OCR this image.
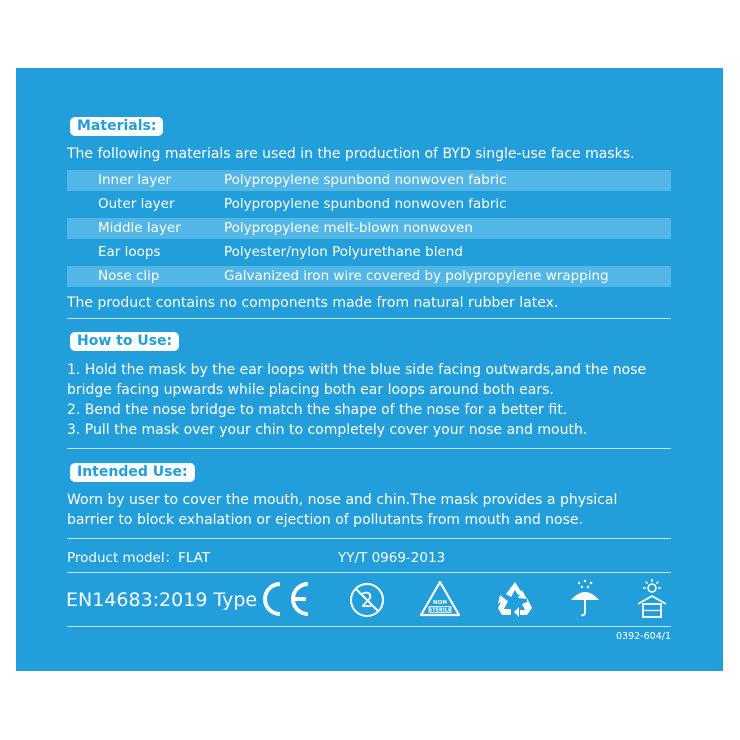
Materials:
The following materials are used in the production of BYD single-use face masks.
Inner layer	Polypropylene spunbond nonwoven fabric
Outer layer	Polypropylene spunbond nonwoven fabric
Middle layer	Polypropylene melt-blown nonwoven
Ear loops	Polyester/nylon Polyurethane blend
Nose clip	Galvanized iron wire covered by polypropylene wrapping
The product contains no components made from natural rubber latex.
How to Use:
1. Hold the mask by the ear loops with the blue side facing outwards,and the nose
bridge facing upwards while placing both ear loops around both ears.
2. Bend the nose bridge to match the shape of the nose for a better fit.
3. Pull the mask over your chin to completely cover your nose and mouth.
Intended Use:
Worn by user to cover the mouth, nose and chin.The mask provides a physical
barrier to block exhalation or ejection of pollutants from mouth and nose.
Product model：FLAT	YY/T 0969-2013
EN14683:2019 Type I
CE
2	NON
STERILE
0392-604/1
